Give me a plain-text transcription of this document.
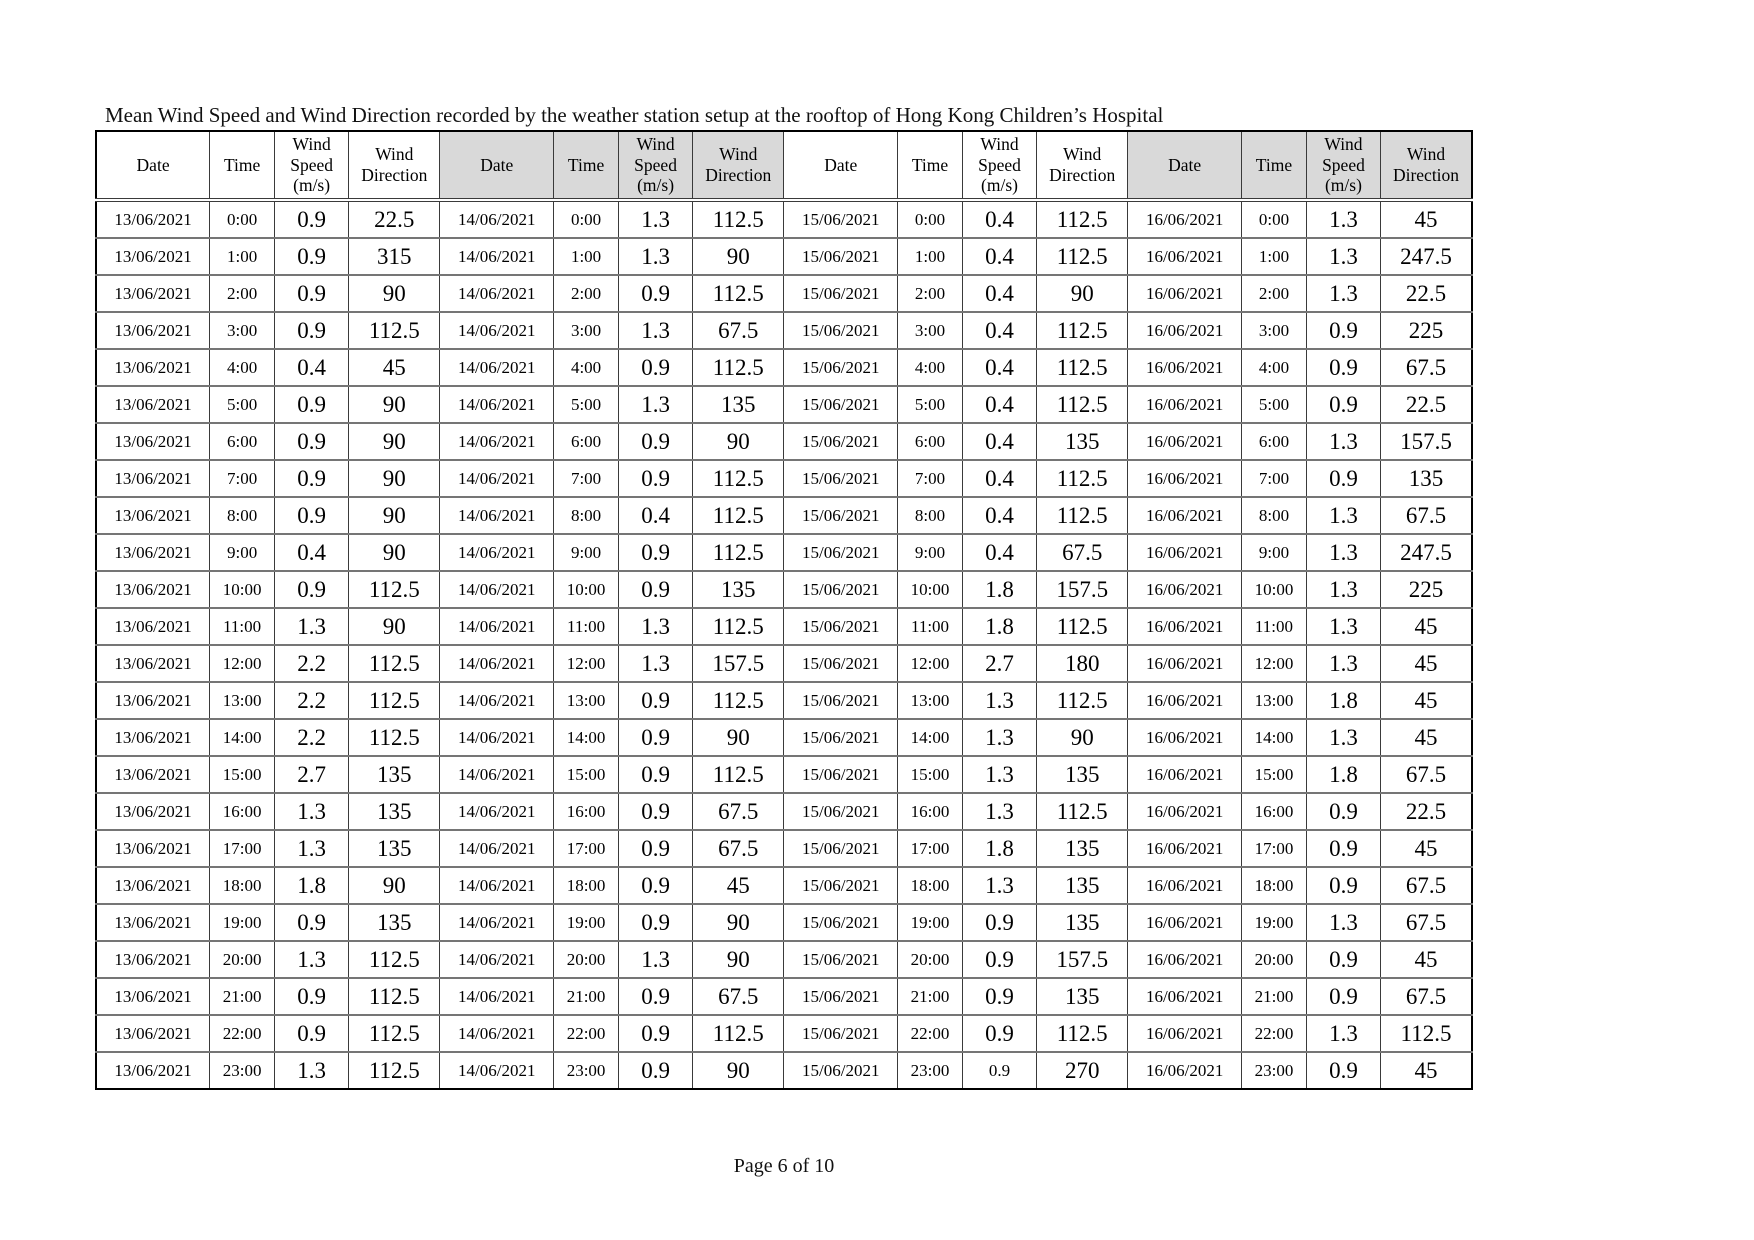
Mean Wind Speed and Wind Direction recorded by the weather station setup at the rooftop of Hong Kong Children’s Hospital
Date	Time	Wind Speed (m/s)	Wind Direction	Date	Time	Wind Speed (m/s)	Wind Direction	Date	Time	Wind Speed (m/s)	Wind Direction	Date	Time	Wind Speed (m/s)	Wind Direction
13/06/2021	0:00	0.9	22.5	14/06/2021	0:00	1.3	112.5	15/06/2021	0:00	0.4	112.5	16/06/2021	0:00	1.3	45
13/06/2021	1:00	0.9	315	14/06/2021	1:00	1.3	90	15/06/2021	1:00	0.4	112.5	16/06/2021	1:00	1.3	247.5
13/06/2021	2:00	0.9	90	14/06/2021	2:00	0.9	112.5	15/06/2021	2:00	0.4	90	16/06/2021	2:00	1.3	22.5
13/06/2021	3:00	0.9	112.5	14/06/2021	3:00	1.3	67.5	15/06/2021	3:00	0.4	112.5	16/06/2021	3:00	0.9	225
13/06/2021	4:00	0.4	45	14/06/2021	4:00	0.9	112.5	15/06/2021	4:00	0.4	112.5	16/06/2021	4:00	0.9	67.5
13/06/2021	5:00	0.9	90	14/06/2021	5:00	1.3	135	15/06/2021	5:00	0.4	112.5	16/06/2021	5:00	0.9	22.5
13/06/2021	6:00	0.9	90	14/06/2021	6:00	0.9	90	15/06/2021	6:00	0.4	135	16/06/2021	6:00	1.3	157.5
13/06/2021	7:00	0.9	90	14/06/2021	7:00	0.9	112.5	15/06/2021	7:00	0.4	112.5	16/06/2021	7:00	0.9	135
13/06/2021	8:00	0.9	90	14/06/2021	8:00	0.4	112.5	15/06/2021	8:00	0.4	112.5	16/06/2021	8:00	1.3	67.5
13/06/2021	9:00	0.4	90	14/06/2021	9:00	0.9	112.5	15/06/2021	9:00	0.4	67.5	16/06/2021	9:00	1.3	247.5
13/06/2021	10:00	0.9	112.5	14/06/2021	10:00	0.9	135	15/06/2021	10:00	1.8	157.5	16/06/2021	10:00	1.3	225
13/06/2021	11:00	1.3	90	14/06/2021	11:00	1.3	112.5	15/06/2021	11:00	1.8	112.5	16/06/2021	11:00	1.3	45
13/06/2021	12:00	2.2	112.5	14/06/2021	12:00	1.3	157.5	15/06/2021	12:00	2.7	180	16/06/2021	12:00	1.3	45
13/06/2021	13:00	2.2	112.5	14/06/2021	13:00	0.9	112.5	15/06/2021	13:00	1.3	112.5	16/06/2021	13:00	1.8	45
13/06/2021	14:00	2.2	112.5	14/06/2021	14:00	0.9	90	15/06/2021	14:00	1.3	90	16/06/2021	14:00	1.3	45
13/06/2021	15:00	2.7	135	14/06/2021	15:00	0.9	112.5	15/06/2021	15:00	1.3	135	16/06/2021	15:00	1.8	67.5
13/06/2021	16:00	1.3	135	14/06/2021	16:00	0.9	67.5	15/06/2021	16:00	1.3	112.5	16/06/2021	16:00	0.9	22.5
13/06/2021	17:00	1.3	135	14/06/2021	17:00	0.9	67.5	15/06/2021	17:00	1.8	135	16/06/2021	17:00	0.9	45
13/06/2021	18:00	1.8	90	14/06/2021	18:00	0.9	45	15/06/2021	18:00	1.3	135	16/06/2021	18:00	0.9	67.5
13/06/2021	19:00	0.9	135	14/06/2021	19:00	0.9	90	15/06/2021	19:00	0.9	135	16/06/2021	19:00	1.3	67.5
13/06/2021	20:00	1.3	112.5	14/06/2021	20:00	1.3	90	15/06/2021	20:00	0.9	157.5	16/06/2021	20:00	0.9	45
13/06/2021	21:00	0.9	112.5	14/06/2021	21:00	0.9	67.5	15/06/2021	21:00	0.9	135	16/06/2021	21:00	0.9	67.5
13/06/2021	22:00	0.9	112.5	14/06/2021	22:00	0.9	112.5	15/06/2021	22:00	0.9	112.5	16/06/2021	22:00	1.3	112.5
13/06/2021	23:00	1.3	112.5	14/06/2021	23:00	0.9	90	15/06/2021	23:00	0.9	270	16/06/2021	23:00	0.9	45
Page 6 of 10
